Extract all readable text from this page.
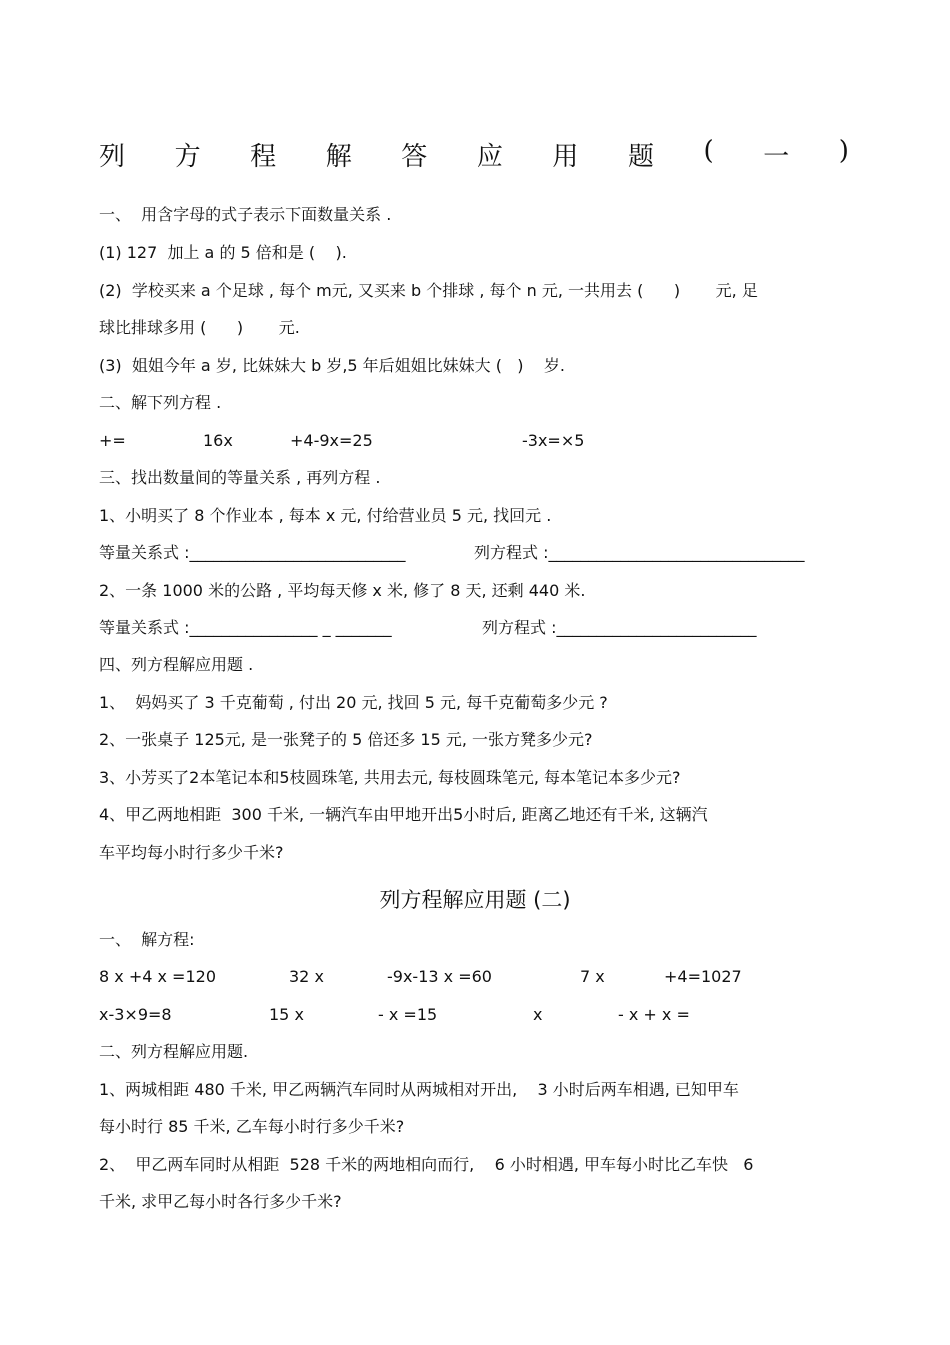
列 方 程 解 答 应 用 题 ( 一 )
一、  用含字母的式子表示下面数量关系 .
(1) 127  加上 a 的 5 倍和是 (    ).
(2)  学校买来 a 个足球 , 每个 m元, 又买来 b 个排球 , 每个 n 元, 一共用去 (      )       元, 足
球比排球多用 (      )       元.
(3)  姐姐今年 a 岁, 比妹妹大 b 岁,5 年后姐姐比妹妹大 (   )    岁.
二、解下列方程 .
+=	16x	+4-9x=25	-3x=×5
三、找出数量间的等量关系 , 再列方程 .
1、小明买了 8 个作业本 , 每本 x 元, 付给营业员 5 元, 找回元 .
等量关系式 :___________________________	列方程式 :________________________________
2、一条 1000 米的公路 , 平均每天修 x 米, 修了 8 天, 还剩 440 米.
等量关系式 :________________ _ _______	列方程式 :_________________________
四、列方程解应用题 .
1、  妈妈买了 3 千克葡萄 , 付出 20 元, 找回 5 元, 每千克葡萄多少元 ?
2、一张桌子 125元, 是一张凳子的 5 倍还多 15 元, 一张方凳多少元?
3、小芳买了2本笔记本和5枝圆珠笔, 共用去元, 每枝圆珠笔元, 每本笔记本多少元?
4、甲乙两地相距  300 千米, 一辆汽车由甲地开出5小时后, 距离乙地还有千米, 这辆汽
车平均每小时行多少千米?
列方程解应用题 (二)
一、  解方程:
8 x +4 x =120	32 x	-9x-13 x =60	7 x	+4=1027
x-3×9=8	15 x	- x =15	x	- x + x =
二、列方程解应用题.
1、两城相距 480 千米, 甲乙两辆汽车同时从两城相对开出,    3 小时后两车相遇, 已知甲车
每小时行 85 千米, 乙车每小时行多少千米?
2、  甲乙两车同时从相距  528 千米的两地相向而行,    6 小时相遇, 甲车每小时比乙车快   6
千米, 求甲乙每小时各行多少千米?
